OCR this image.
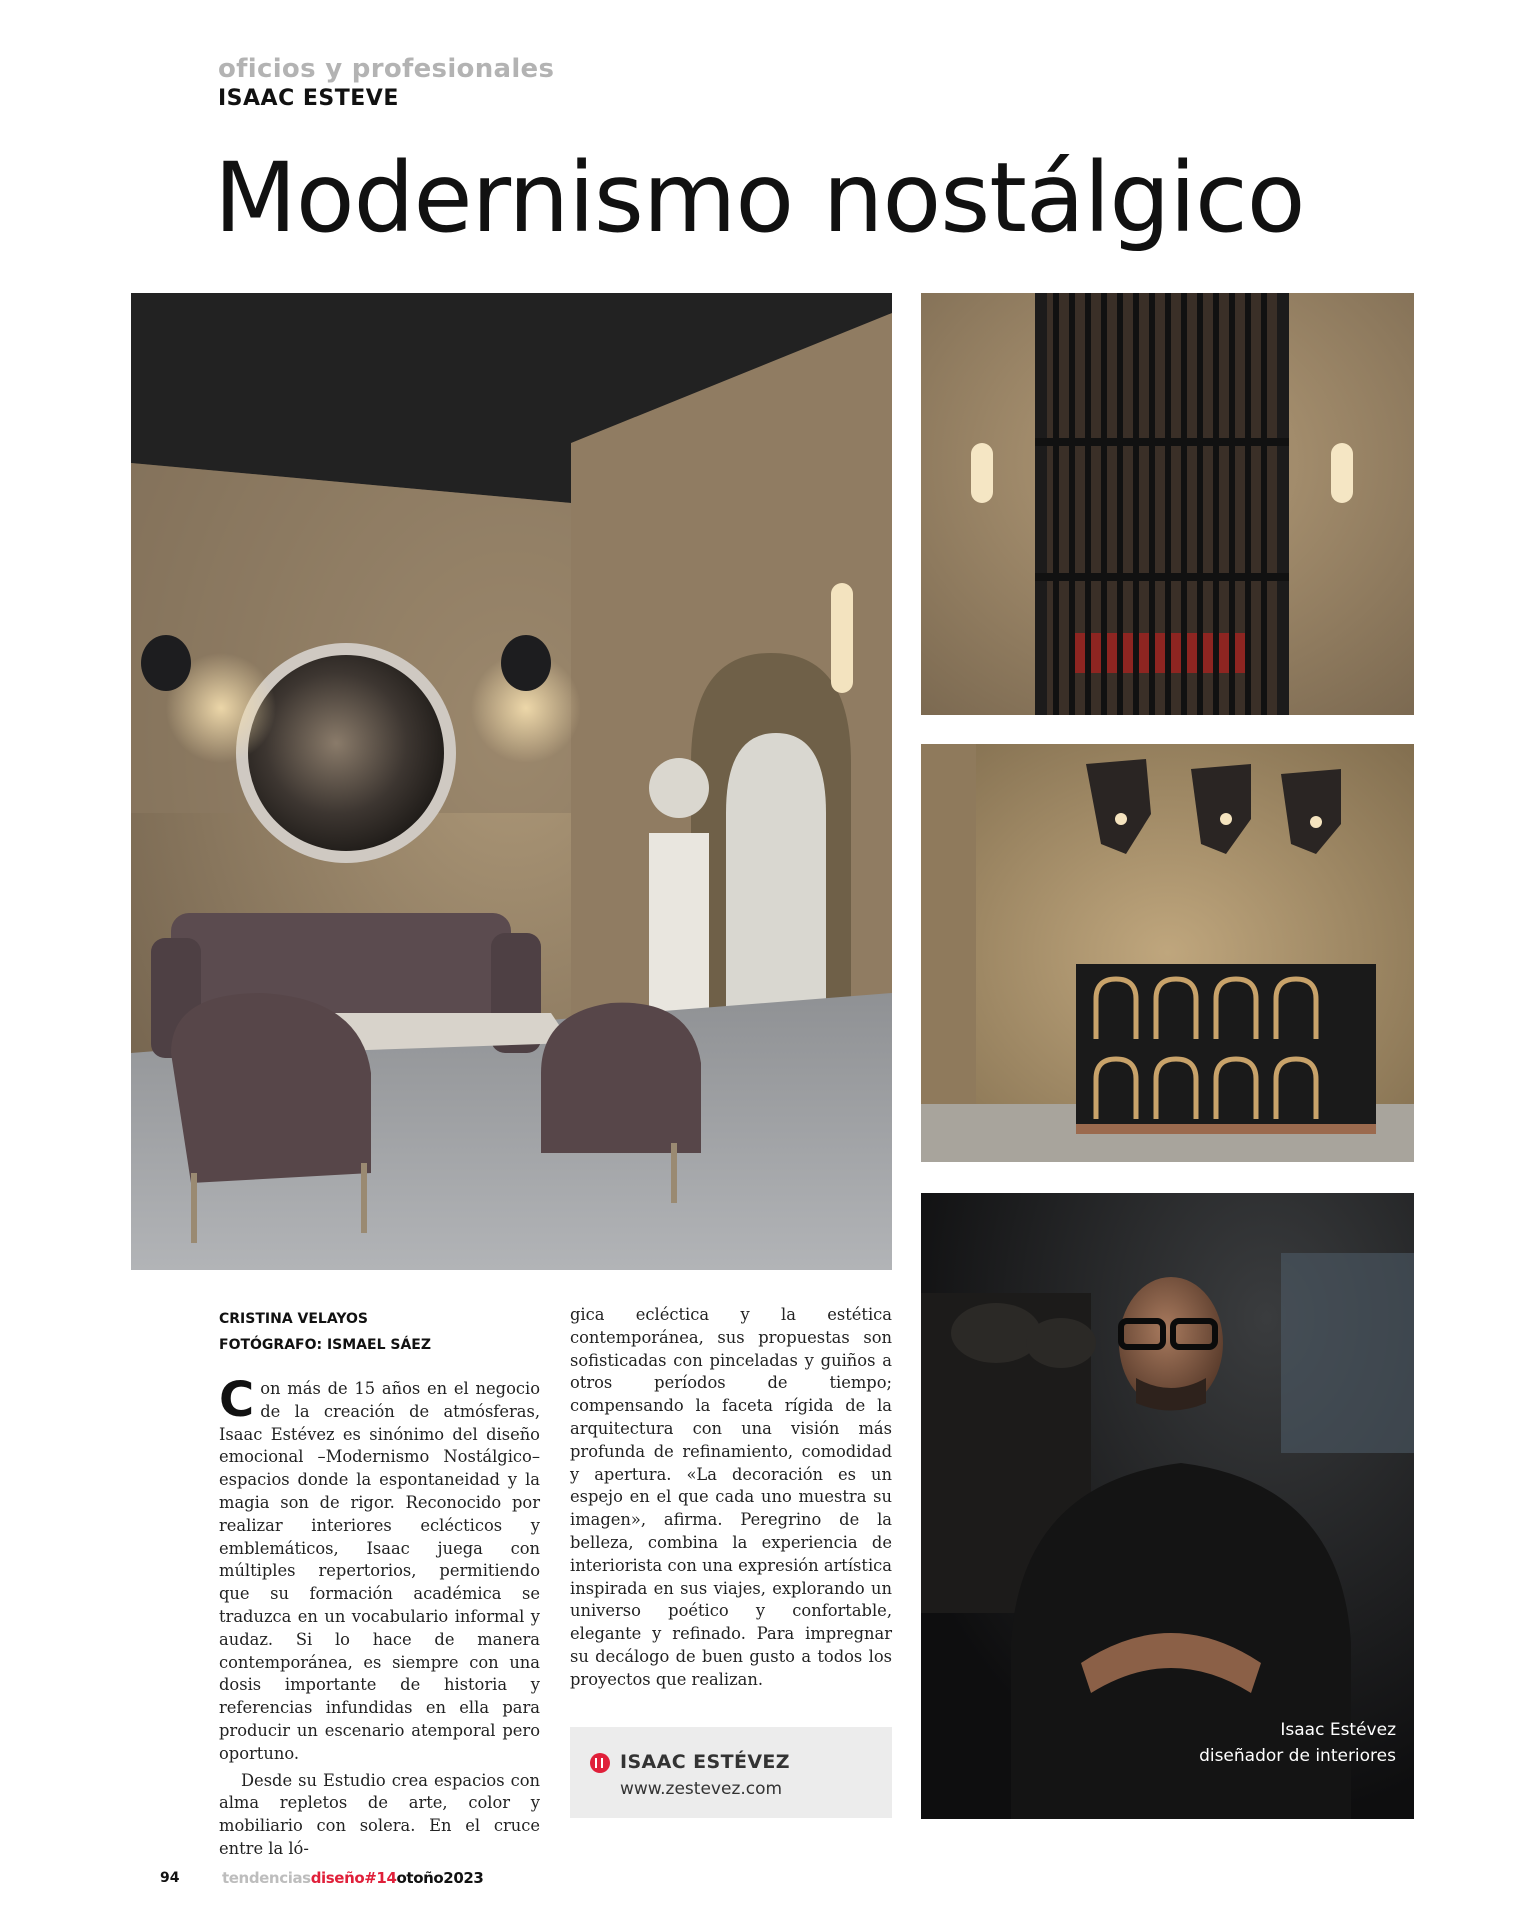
oficios y profesionales
ISAAC ESTEVE
Modernismo nostálgico
Isaac Estévez
diseñador de interiores
CRISTINA VELAYOS
FOTÓGRAFO: ISMAEL SÁEZ

Con más de 15 años en el negocio de la creación de atmósferas, Isaac Estévez es sinónimo del diseño emocional –Modernismo Nostálgico– espacios donde la espontaneidad y la magia son de rigor. Reconocido por realizar interiores eclécticos y emblemáticos, Isaac juega con múltiples repertorios, permitiendo que su formación académica se traduzca en un vocabulario informal y audaz. Si lo hace de manera contemporánea, es siempre con una dosis importante de historia y referencias infundidas en ella para producir un escenario atemporal pero oportuno.

Desde su Estudio crea espacios con alma repletos de arte, color y mobiliario con solera. En el cruce entre la ló-

gica ecléctica y la estética contemporánea, sus propuestas son sofisticadas con pinceladas y guiños a otros períodos de tiempo; compensando la faceta rígida de la arquitectura con una visión más profunda de refinamiento, comodidad y apertura. «La decoración es un espejo en el que cada uno muestra su imagen», afirma. Peregrino de la belleza, combina la experiencia de interiorista con una expresión artística inspirada en sus viajes, explorando un universo poético y confortable, elegante y refinado. Para impregnar su decálogo de buen gusto a todos los proyectos que realizan.

ISAAC ESTÉVEZ
www.zestevez.com
94	tendenciasdiseño#14otoño2023
